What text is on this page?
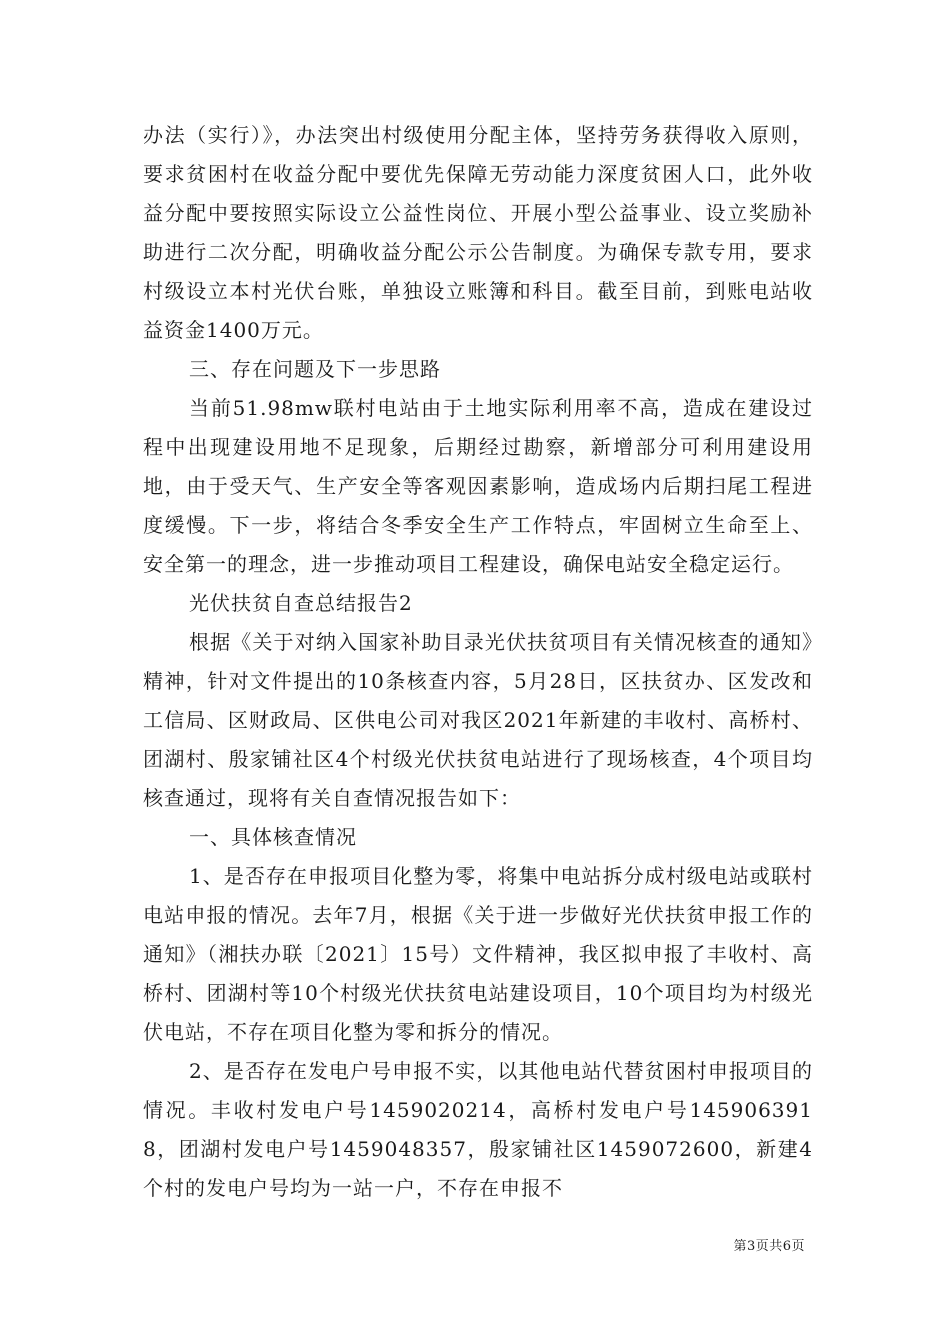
办法（实行）》，办法突出村级使用分配主体，坚持劳务获得收入原则，要求贫困村在收益分配中要优先保障无劳动能力深度贫困人口，此外收益分配中要按照实际设立公益性岗位、开展小型公益事业、设立奖励补助进行二次分配，明确收益分配公示公告制度。为确保专款专用，要求村级设立本村光伏台账，单独设立账簿和科目。截至目前，到账电站收益资金1400万元。

三、存在问题及下一步思路

当前51.98mw联村电站由于土地实际利用率不高，造成在建设过程中出现建设用地不足现象，后期经过勘察，新增部分可利用建设用地，由于受天气、生产安全等客观因素影响，造成场内后期扫尾工程进度缓慢。下一步，将结合冬季安全生产工作特点，牢固树立生命至上、安全第一的理念，进一步推动项目工程建设，确保电站安全稳定运行。

光伏扶贫自查总结报告2

根据《关于对纳入国家补助目录光伏扶贫项目有关情况核查的通知》精神，针对文件提出的10条核查内容，5月28日，区扶贫办、区发改和工信局、区财政局、区供电公司对我区2021年新建的丰收村、高桥村、团湖村、殷家铺社区4个村级光伏扶贫电站进行了现场核查，4个项目均核查通过，现将有关自查情况报告如下：

一、具体核查情况

1、是否存在申报项目化整为零，将集中电站拆分成村级电站或联村电站申报的情况。去年7月，根据《关于进一步做好光伏扶贫申报工作的通知》（湘扶办联〔2021〕15号）文件精神，我区拟申报了丰收村、高桥村、团湖村等10个村级光伏扶贫电站建设项目，10个项目均为村级光伏电站，不存在项目化整为零和拆分的情况。

2、是否存在发电户号申报不实，以其他电站代替贫困村申报项目的情况。丰收村发电户号1459020214，高桥村发电户号1459063918，团湖村发电户号1459048357，殷家铺社区1459072600，新建4个村的发电户号均为一站一户，不存在申报不

第3页共6页
